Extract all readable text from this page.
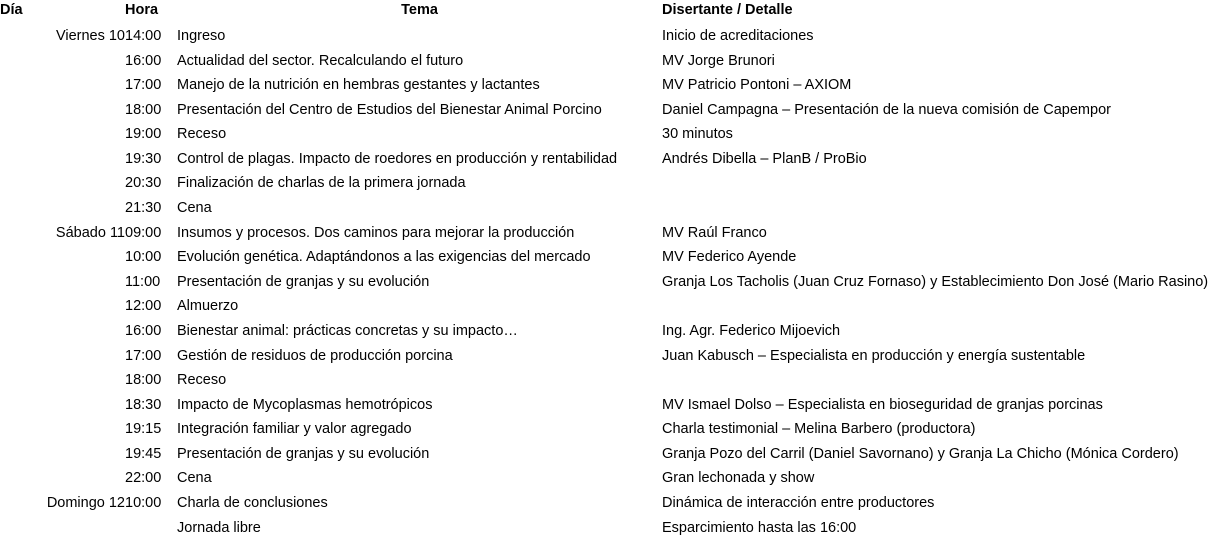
Día	Hora	Tema	Disertante / Detalle
Viernes 10	14:00	Ingreso	Inicio de acreditaciones
	16:00	Actualidad del sector. Recalculando el futuro	MV Jorge Brunori
	17:00	Manejo de la nutrición en hembras gestantes y lactantes	MV Patricio Pontoni – AXIOM
	18:00	Presentación del Centro de Estudios del Bienestar Animal Porcino	Daniel Campagna – Presentación de la nueva comisión de Capempor
	19:00	Receso	30 minutos
	19:30	Control de plagas. Impacto de roedores en producción y rentabilidad	Andrés Dibella – PlanB / ProBio
	20:30	Finalización de charlas de la primera jornada	
	21:30	Cena	
Sábado 11	09:00	Insumos y procesos. Dos caminos para mejorar la producción	MV Raúl Franco
	10:00	Evolución genética. Adaptándonos a las exigencias del mercado	MV Federico Ayende
	11:00	Presentación de granjas y su evolución	Granja Los Tacholis (Juan Cruz Fornaso) y Establecimiento Don José (Mario Rasino)
	12:00	Almuerzo	
	16:00	Bienestar animal: prácticas concretas y su impacto…	Ing. Agr. Federico Mijoevich
	17:00	Gestión de residuos de producción porcina	Juan Kabusch – Especialista en producción y energía sustentable
	18:00	Receso	
	18:30	Impacto de Mycoplasmas hemotrópicos	MV Ismael Dolso – Especialista en bioseguridad de granjas porcinas
	19:15	Integración familiar y valor agregado	Charla testimonial – Melina Barbero (productora)
	19:45	Presentación de granjas y su evolución	Granja Pozo del Carril (Daniel Savornano) y Granja La Chicho (Mónica Cordero)
	22:00	Cena	Gran lechonada y show
Domingo 12	10:00	Charla de conclusiones	Dinámica de interacción entre productores
		Jornada libre	Esparcimiento hasta las 16:00
